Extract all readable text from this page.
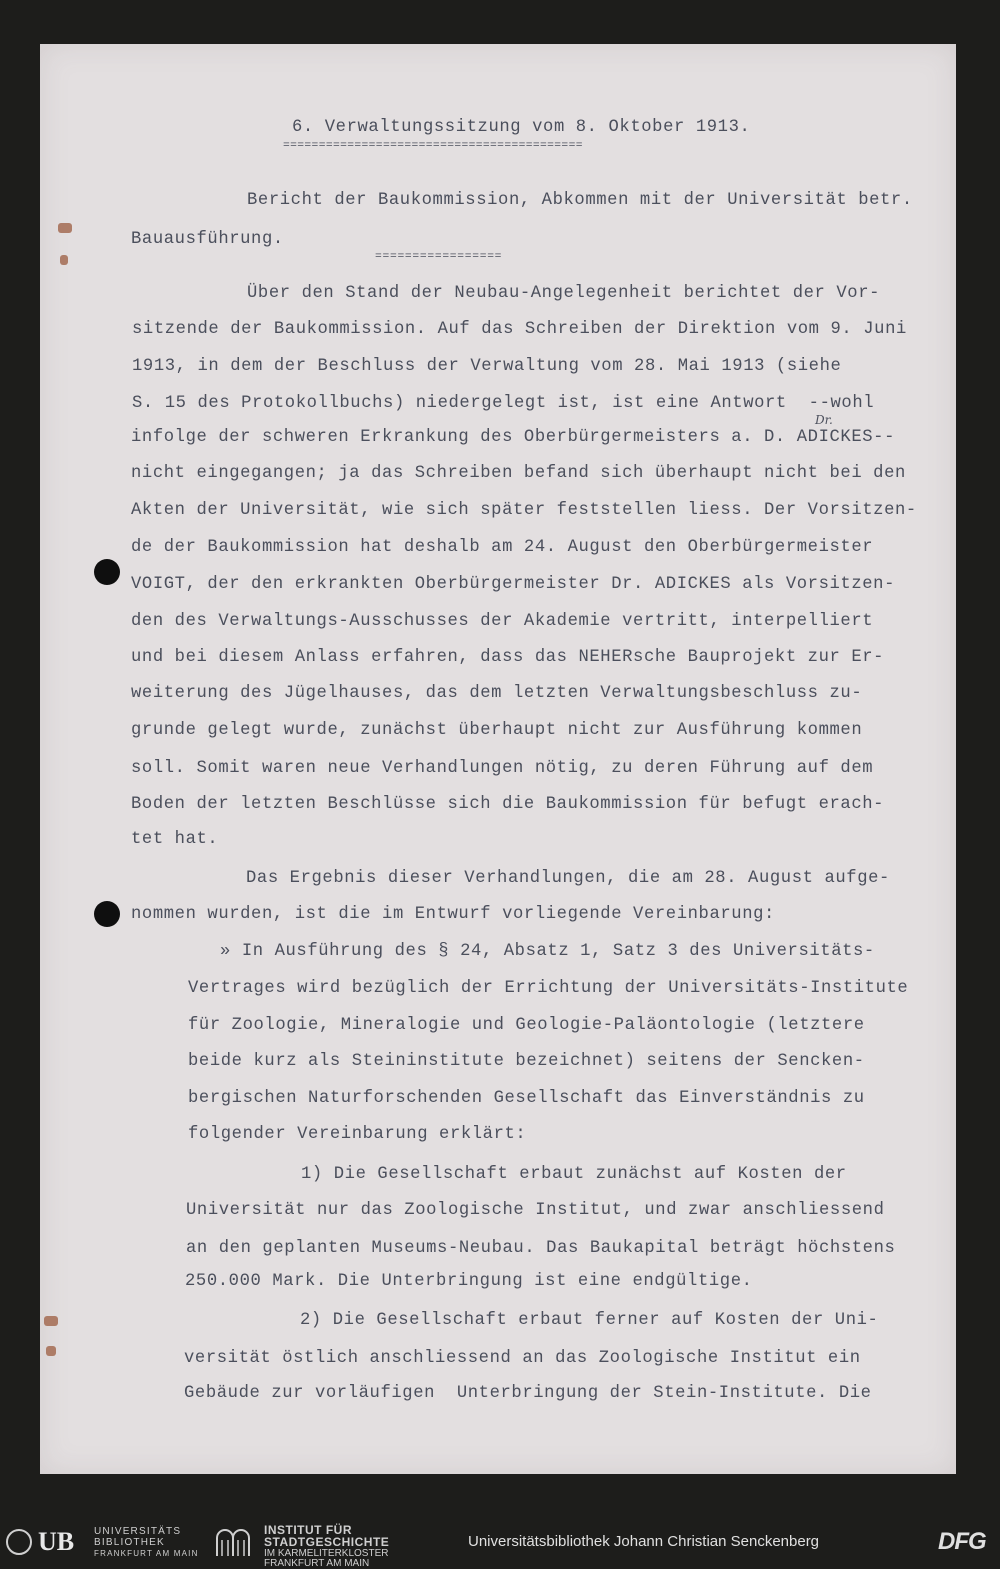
6. Verwaltungssitzung vom 8. Oktober 1913.
==========================================
Bericht der Baukommission, Abkommen mit der Universität betr.
Bauausführung.
=================
Über den Stand der Neubau-Angelegenheit berichtet der Vor-
sitzende der Baukommission. Auf das Schreiben der Direktion vom 9. Juni
1913, in dem der Beschluss der Verwaltung vom 28. Mai 1913 (siehe
S. 15 des Protokollbuchs) niedergelegt ist, ist eine Antwort  --wohl
infolge der schweren Erkrankung des Oberbürgermeisters a. D. ADICKES--
Dr.
nicht eingegangen; ja das Schreiben befand sich überhaupt nicht bei den
Akten der Universität, wie sich später feststellen liess. Der Vorsitzen-
de der Baukommission hat deshalb am 24. August den Oberbürgermeister
VOIGT, der den erkrankten Oberbürgermeister Dr. ADICKES als Vorsitzen-
den des Verwaltungs-Ausschusses der Akademie vertritt, interpelliert
und bei diesem Anlass erfahren, dass das NEHERsche Bauprojekt zur Er-
weiterung des Jügelhauses, das dem letzten Verwaltungsbeschluss zu-
grunde gelegt wurde, zunächst überhaupt nicht zur Ausführung kommen
soll. Somit waren neue Verhandlungen nötig, zu deren Führung auf dem
Boden der letzten Beschlüsse sich die Baukommission für befugt erach-
tet hat.
Das Ergebnis dieser Verhandlungen, die am 28. August aufge-
nommen wurden, ist die im Entwurf vorliegende Vereinbarung:
» In Ausführung des § 24, Absatz 1, Satz 3 des Universitäts-
Vertrages wird bezüglich der Errichtung der Universitäts-Institute
für Zoologie, Mineralogie und Geologie-Paläontologie (letztere
beide kurz als Steininstitute bezeichnet) seitens der Sencken-
bergischen Naturforschenden Gesellschaft das Einverständnis zu
folgender Vereinbarung erklärt:
1) Die Gesellschaft erbaut zunächst auf Kosten der
Universität nur das Zoologische Institut, und zwar anschliessend
an den geplanten Museums-Neubau. Das Baukapital beträgt höchstens
250.000 Mark. Die Unterbringung ist eine endgültige.
2) Die Gesellschaft erbaut ferner auf Kosten der Uni-
versität östlich anschliessend an das Zoologische Institut ein
Gebäude zur vorläufigen  Unterbringung der Stein-Institute. Die
UB UNIVERSITÄTS
BIBLIOTHEK
FRANKFURT AM MAIN
INSTITUT FÜR
STADTGESCHICHTE
IM KARMELITERKLOSTER
FRANKFURT AM MAIN
Universitätsbibliothek Johann Christian Senckenberg	DFG
